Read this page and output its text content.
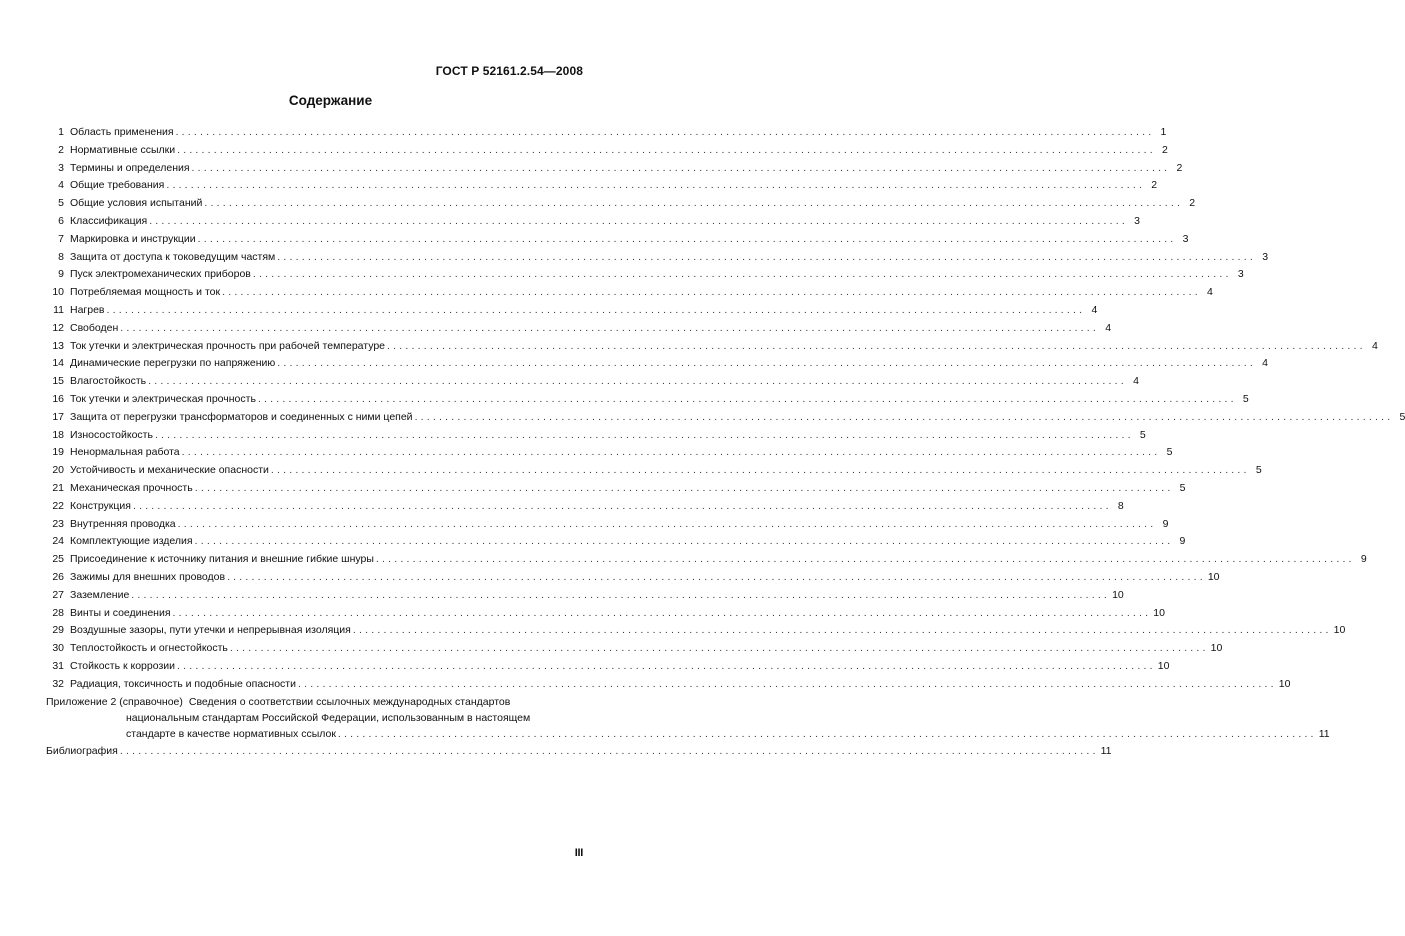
ГОСТ Р 52161.2.54—2008
Содержание
1 Область применения ................................................................................................................................................................ 1
2 Нормативные ссылки ................................................................................................................................................................ 2
3 Термины и определения ................................................................................................................................................................ 2
4 Общие требования ................................................................................................................................................................ 2
5 Общие условия испытаний ................................................................................................................................................................ 2
6 Классификация ................................................................................................................................................................ 3
7 Маркировка и инструкции ................................................................................................................................................................ 3
8 Защита от доступа к токоведущим частям ................................................................................................................................................................ 3
9 Пуск электромеханических приборов ................................................................................................................................................................ 3
10 Потребляемая мощность и ток ................................................................................................................................................................ 4
11 Нагрев ................................................................................................................................................................ 4
12 Свободен ................................................................................................................................................................ 4
13 Ток утечки и электрическая прочность при рабочей температуре ................................................................................................................................................................ 4
14 Динамические перегрузки по напряжению ................................................................................................................................................................ 4
15 Влагостойкость ................................................................................................................................................................ 4
16 Ток утечки и электрическая прочность ................................................................................................................................................................ 5
17 Защита от перегрузки трансформаторов и соединенных с ними цепей ................................................................................................................................................................ 5
18 Износостойкость ................................................................................................................................................................ 5
19 Ненормальная работа ................................................................................................................................................................ 5
20 Устойчивость и механические опасности ................................................................................................................................................................ 5
21 Механическая прочность ................................................................................................................................................................ 5
22 Конструкция ................................................................................................................................................................ 8
23 Внутренняя проводка ................................................................................................................................................................ 9
24 Комплектующие изделия ................................................................................................................................................................ 9
25 Присоединение к источнику питания и внешние гибкие шнуры ................................................................................................................................................................ 9
26 Зажимы для внешних проводов ................................................................................................................................................................ 10
27 Заземление ................................................................................................................................................................ 10
28 Винты и соединения ................................................................................................................................................................ 10
29 Воздушные зазоры, пути утечки и непрерывная изоляция ................................................................................................................................................................ 10
30 Теплостойкость и огнестойкость ................................................................................................................................................................ 10
31 Стойкость к коррозии ................................................................................................................................................................ 10
32 Радиация, токсичность и подобные опасности ................................................................................................................................................................ 10
Приложение 2 (справочное) Сведения о соответствии ссылочных международных стандартов
национальным стандартам Российской Федерации, использованным в настоящем
стандарте в качестве нормативных ссылок ................................................................................................................................................................ 11
Библиография ................................................................................................................................................................ 11
III
